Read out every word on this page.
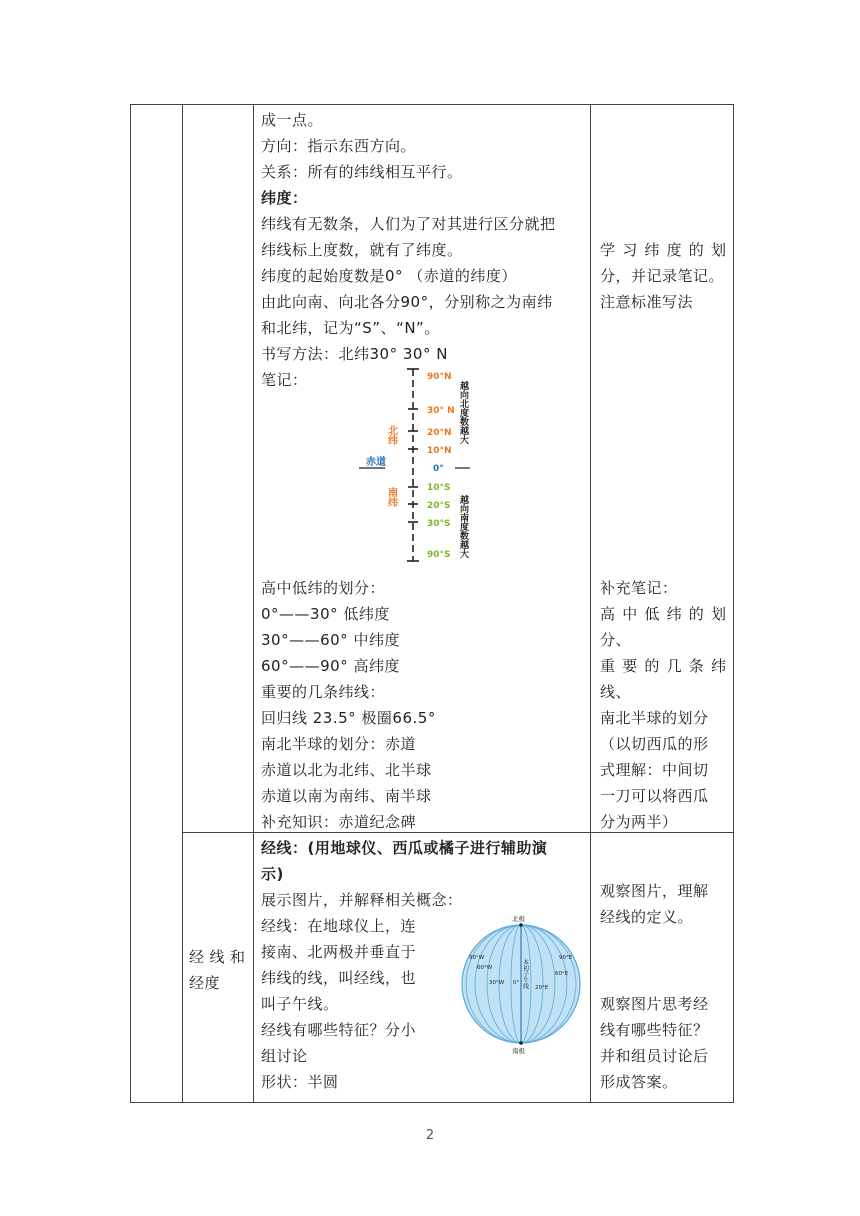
成一点。
方向：指示东西方向。
关系：所有的纬线相互平行。
纬度：
纬线有无数条，人们为了对其进行区分就把
纬线标上度数，就有了纬度。
纬度的起始度数是0° （赤道的纬度）
由此向南、向北各分90°，分别称之为南纬
和北纬，记为“S”、“N”。
书写方法：北纬30° 30° N
笔记：	90°N
30° N
20°N
10°N
0°
赤道
10°S
20°S
30°S
90°S
北纬
南纬
越向北度数越大
越向南度数越大
高中低纬的划分：
0°——30° 低纬度
30°——60° 中纬度
60°——90° 高纬度
重要的几条纬线：
回归线 23.5° 极圈66.5°
南北半球的划分：赤道
赤道以北为北纬、北半球
赤道以南为南纬、南半球
补充知识：赤道纪念碑
学习纬度的划
分，并记录笔记。
注意标准写法
补充笔记：
高中低纬的划
分、
重要的几条纬
线、
南北半球的划分
（以切西瓜的形
式理解：中间切
一刀可以将西瓜
分为两半）
经线和
经度
经线：(用地球仪、西瓜或橘子进行辅助演
示)
展示图片，并解释相关概念：
经线：在地球仪上，连
接南、北两极并垂直于
纬线的线，叫经线，也
叫子午线。
经线有哪些特征？分小
组讨论
形状：半圆
北极
南极
本初子午线
90°W
60°W
30°W 0°
20°E
60°E
90°E
观察图片，理解
经线的定义。
观察图片思考经
线有哪些特征？
并和组员讨论后
形成答案。
2
